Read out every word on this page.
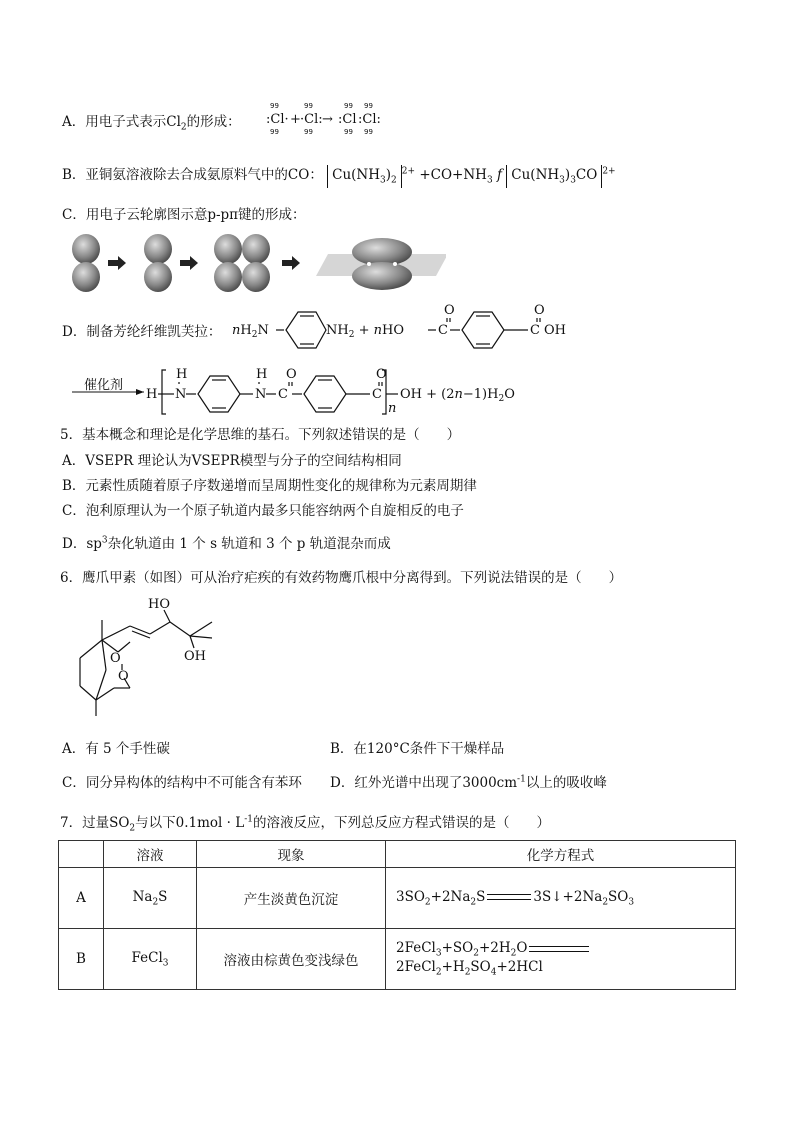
A．用电子式表示$Cl_2$的形成： :Cl· + ·Cl: → :Cl :Cl:
99
99
99
99
99
99
99
99
B．亚铜氨溶液除去合成氨原料气中的CO： $Cu(NH_3)_2^{2+} +CO+NH_3$ f $Cu(NH_3)_3CO$ $^{2+}$
C．用电子云轮廓图示意p-pπ键的形成：
D．制备芳纶纤维凯芙拉： $nH_2N$	$NH_2$ + nHO	C
O
C
O
OH
催化剂
H N
H
N
H
C
O
C
O
n
OH + $(2n-1)H_2O$
5．基本概念和理论是化学思维的基石。下列叙述错误的是（　　）
A．VSEPR 理论认为VSEPR模型与分子的空间结构相同
B．元素性质随着原子序数递增而呈周期性变化的规律称为元素周期律
C．泡利原理认为一个原子轨道内最多只能容纳两个自旋相反的电子
D．$sp^3$杂化轨道由 1 个 s 轨道和 3 个 p 轨道混杂而成
6．鹰爪甲素（如图）可从治疗疟疾的有效药物鹰爪根中分离得到。下列说法错误的是（　　）
HO
OH
O
O
A．有 5 个手性碳	B．在120°C条件下干燥样品
C．同分异构体的结构中不可能含有苯环 D．红外光谱中出现了$3000cm^{-1}$以上的吸收峰
7．过量$SO_2$与以下$0.1mol \cdot L^{-1}$的溶液反应，下列总反应方程式错误的是（　　）
	溶液	现象	化学方程式
A	$Na_2S$	产生淡黄色沉淀	$3SO_2+2Na_2S$ $3S↓+2Na_2SO_3$
B	FeCl$_3$	溶液由棕黄色变浅绿色	$2FeCl_3+SO_2+2H_2O2FeCl_2+H_2SO_4+2HCl$
